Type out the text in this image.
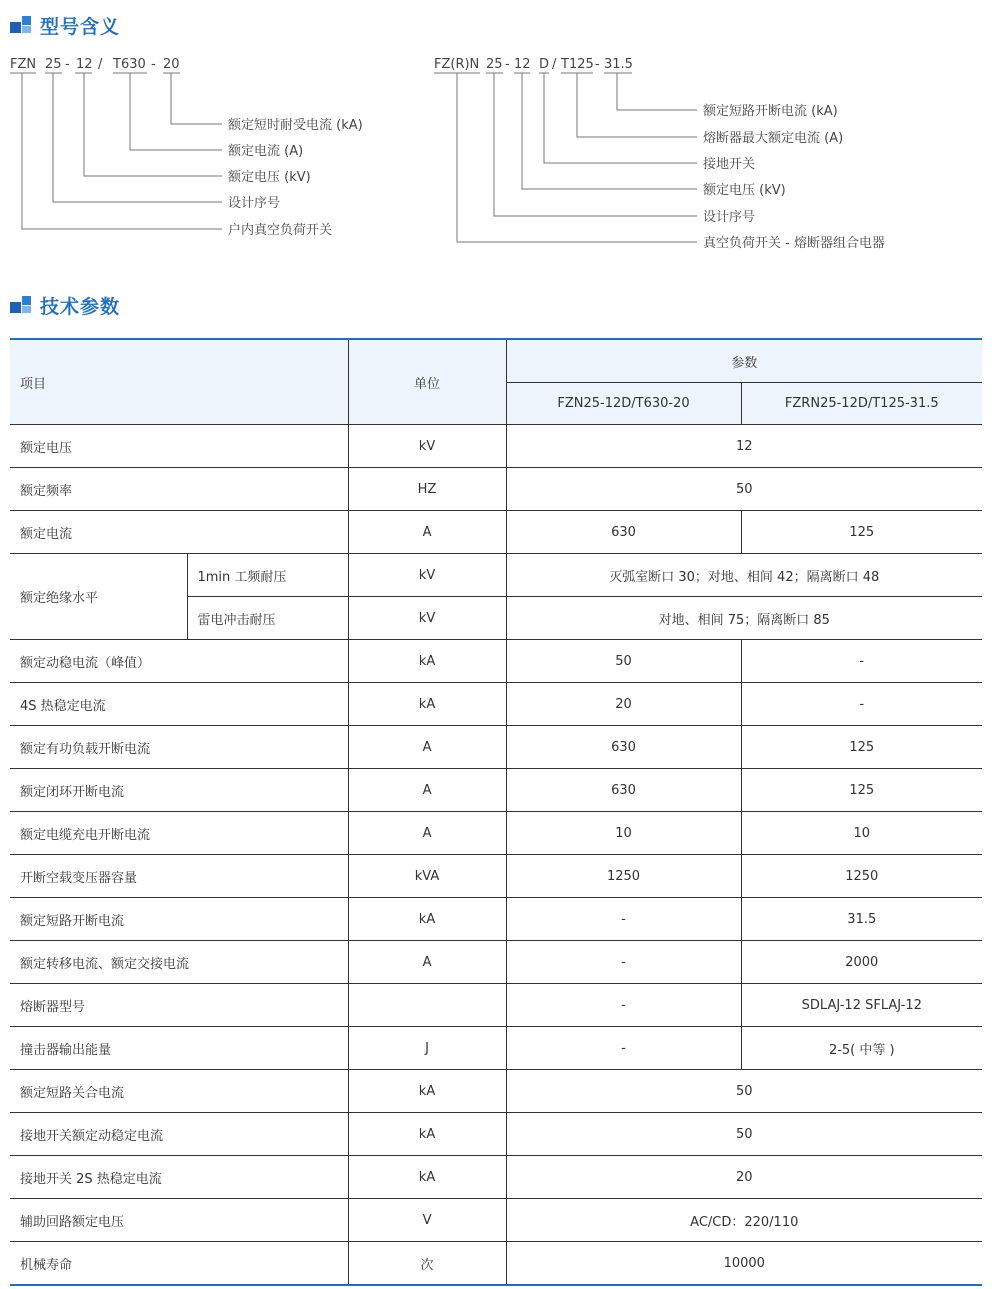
型号含义
FZN 25 - 12 / T630 - 20
额定短时耐受电流 (kA)
额定电流 (A)
额定电压 (kV)
设计序号
户内真空负荷开关
FZ(R)N 25 - 12 D / T125 - 31.5
额定短路开断电流 (kA)
熔断器最大额定电流 (A)
接地开关
额定电压 (kV)
设计序号
真空负荷开关 - 熔断器组合电器
技术参数
项目		单位	参数	
			FZN25-12D/T630-20	FZRN25-12D/T125-31.5
额定电压		kV	12	
额定频率		HZ	50	
额定电流		A	630	125
额定绝缘水平	1min 工频耐压	kV	灭弧室断口 30；对地、相间 42；隔离断口 48	
	雷电冲击耐压	kV	对地、相间 75；隔离断口 85	
额定动稳电流（峰值）		kA	50	-
4S 热稳定电流		kA	20	-
额定有功负载开断电流		A	630	125
额定闭环开断电流		A	630	125
额定电缆充电开断电流		A	10	10
开断空载变压器容量		kVA	1250	1250
额定短路开断电流		kA	-	31.5
额定转移电流、额定交接电流		A	-	2000
熔断器型号			-	SDLAJ-12 SFLAJ-12
撞击器输出能量		J	-	2-5( 中等 )
额定短路关合电流		kA	50	
接地开关额定动稳定电流		kA	50	
接地开关 2S 热稳定电流		kA	20	
辅助回路额定电压		V	AC/CD：220/110	
机械寿命		次	10000	
